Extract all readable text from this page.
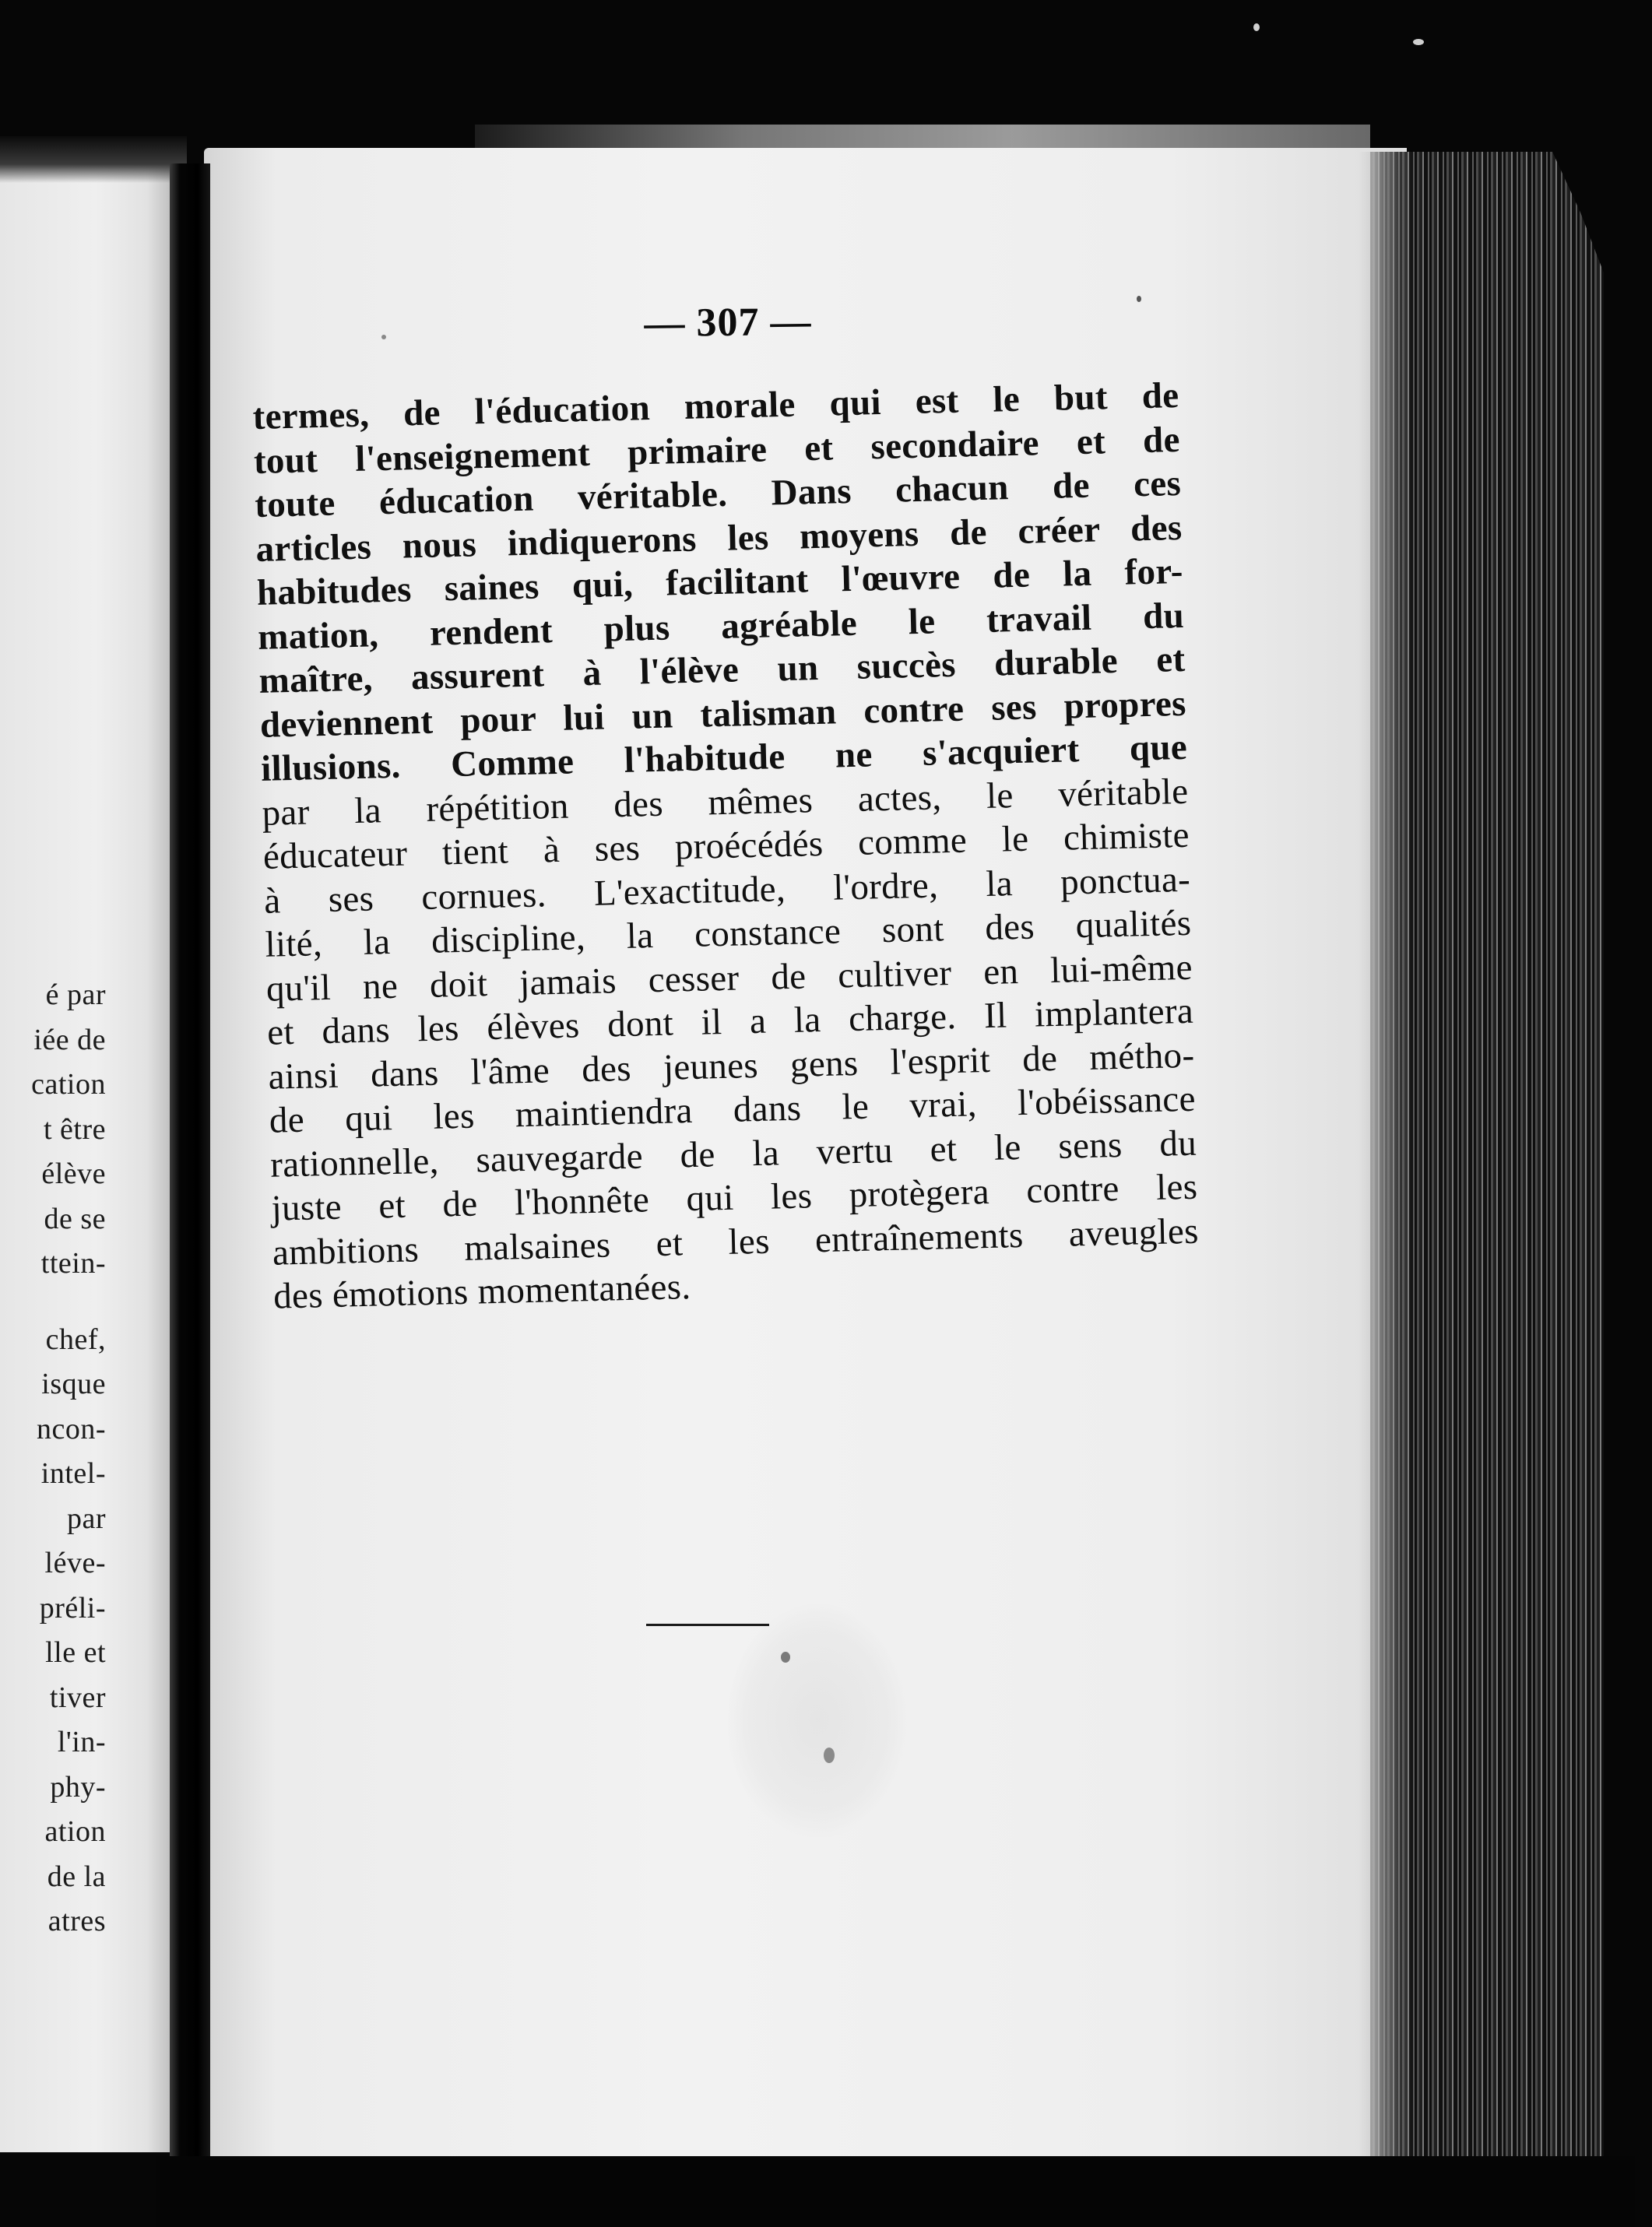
é par
iée de
cation
t être
élève
de se
ttein-
chef,
isque
ncon-
intel-
par
léve-
préli-
lle et
tiver
l'in-
phy-
ation
de la
atres
— 307 —
termes, de l'éducation morale qui est le but de
tout l'enseignement primaire et secondaire et de
toute éducation véritable. Dans chacun de ces
articles nous indiquerons les moyens de créer des
habitudes saines qui, facilitant l'œuvre de la for-
mation, rendent plus agréable le travail du
maître, assurent à l'élève un succès durable et
deviennent pour lui un talisman contre ses propres
illusions. Comme l'habitude ne s'acquiert que
par la répétition des mêmes actes, le véritable
éducateur tient à ses proécédés comme le chimiste
à ses cornues. L'exactitude, l'ordre, la ponctua-
lité, la discipline, la constance sont des qualités
qu'il ne doit jamais cesser de cultiver en lui-même
et dans les élèves dont il a la charge. Il implantera
ainsi dans l'âme des jeunes gens l'esprit de métho-
de qui les maintiendra dans le vrai, l'obéissance
rationnelle, sauvegarde de la vertu et le sens du
juste et de l'honnête qui les protègera contre les
ambitions malsaines et les entraînements aveugles
des émotions momentanées.
